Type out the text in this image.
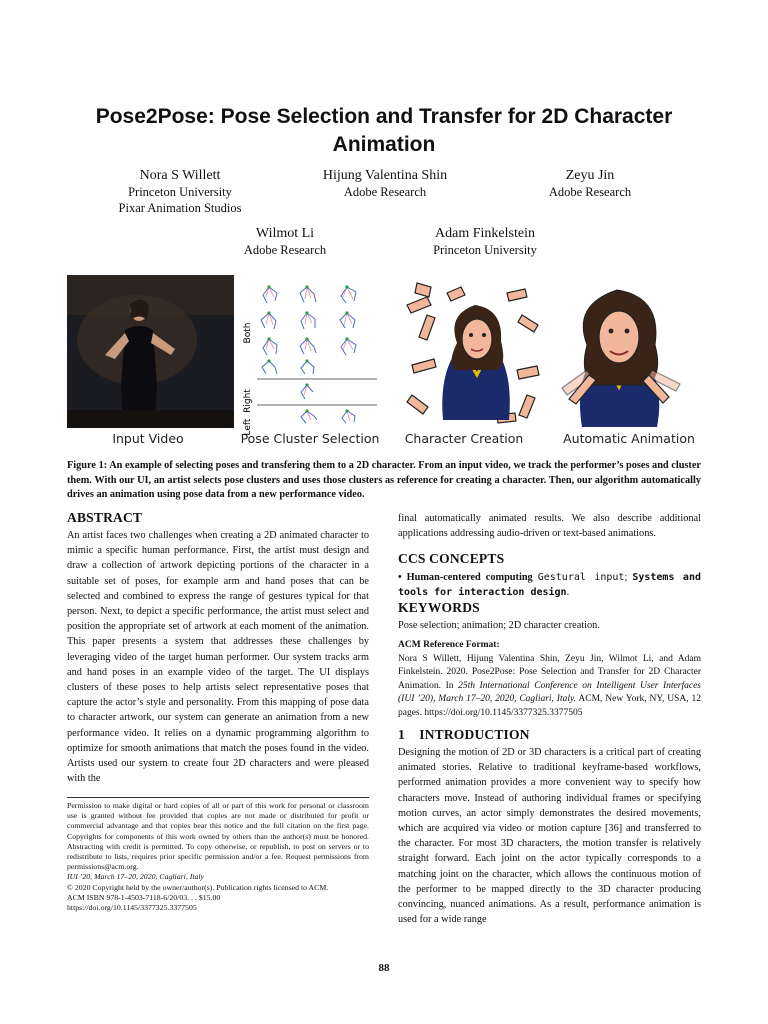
Pose2Pose: Pose Selection and Transfer for 2D Character Animation
Nora S Willett
Princeton University
Pixar Animation Studios
Hijung Valentina Shin
Adobe Research
Zeyu Jin
Adobe Research
Wilmot Li
Adobe Research
Adam Finkelstein
Princeton University
Input Video
Both
Right
Left
Pose Cluster Selection Character Creation	Automatic Animation
Figure 1: An example of selecting poses and transfering them to a 2D character. From an input video, we track the performer’s poses and cluster them. With our UI, an artist selects pose clusters and uses those clusters as reference for creating a character. Then, our algorithm automatically drives an animation using pose data from a new performance video.
ABSTRACT
An artist faces two challenges when creating a 2D animated character to mimic a specific human performance. First, the artist must design and draw a collection of artwork depicting portions of the character in a suitable set of poses, for example arm and hand poses that can be selected and combined to express the range of gestures typical for that person. Next, to depict a specific performance, the artist must select and position the appropriate set of artwork at each moment of the animation. This paper presents a system that addresses these challenges by leveraging video of the target human performer. Our system tracks arm and hand poses in an example video of the target. The UI displays clusters of these poses to help artists select representative poses that capture the actor’s style and personality. From this mapping of pose data to character artwork, our system can generate an animation from a new performance video. It relies on a dynamic programming algorithm to optimize for smooth animations that match the poses found in the video. Artists used our system to create four 2D characters and were pleased with the
Permission to make digital or hard copies of all or part of this work for personal or classroom use is granted without fee provided that copies are not made or distributed for profit or commercial advantage and that copies bear this notice and the full citation on the first page. Copyrights for components of this work owned by others than the author(s) must be honored. Abstracting with credit is permitted. To copy otherwise, or republish, to post on servers or to redistribute to lists, requires prior specific permission and/or a fee. Request permissions from permissions@acm.org.
IUI ’20, March 17–20, 2020, Cagliari, Italy
© 2020 Copyright held by the owner/author(s). Publication rights licensed to ACM.
ACM ISBN 978-1-4503-7118-6/20/03. . . $15.00
https://doi.org/10.1145/3377325.3377505
final automatically animated results. We also describe additional applications addressing audio-driven or text-based animations.
CCS CONCEPTS
• Human-centered computing Gestural input; Systems and tools for interaction design.
KEYWORDS
Pose selection; animation; 2D character creation.
ACM Reference Format:
Nora S Willett, Hijung Valentina Shin, Zeyu Jin, Wilmot Li, and Adam Finkelstein. 2020. Pose2Pose: Pose Selection and Transfer for 2D Character Animation. In 25th International Conference on Intelligent User Interfaces (IUI ’20), March 17–20, 2020, Cagliari, Italy. ACM, New York, NY, USA, 12 pages. https://doi.org/10.1145/3377325.3377505
1    INTRODUCTION
Designing the motion of 2D or 3D characters is a critical part of creating animated stories. Relative to traditional keyframe-based workflows, performed animation provides a more convenient way to specify how characters move. Instead of authoring individual frames or specifying motion curves, an actor simply demonstrates the desired movements, which are acquired via video or motion capture [36] and transferred to the character. For most 3D characters, the motion transfer is relatively straight forward. Each joint on the actor typically corresponds to a matching joint on the character, which allows the continuous motion of the performer to be mapped directly to the 3D character producing convincing, nuanced animations. As a result, performance animation is used for a wide range
88
